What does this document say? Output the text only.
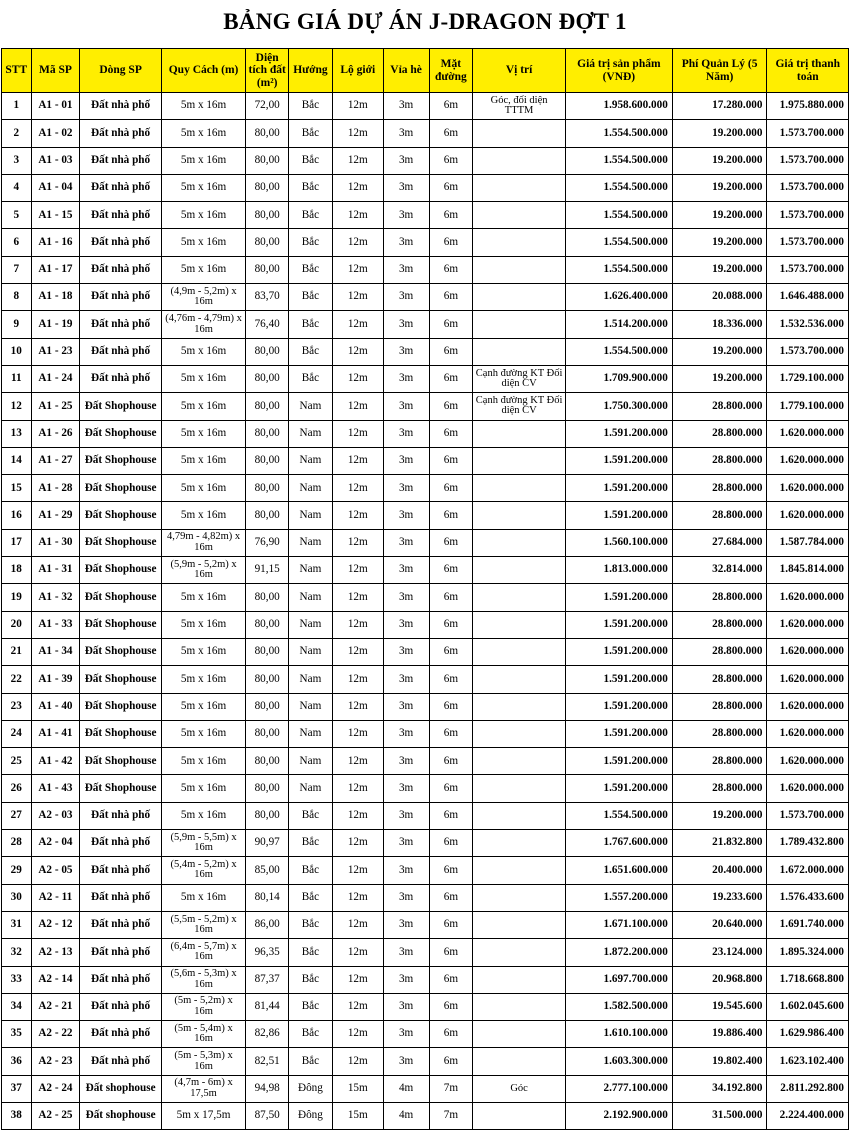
BẢNG GIÁ DỰ ÁN J-DRAGON ĐỢT 1
STT	Mã SP	Dòng SP	Quy Cách (m)	Diện tích đất (m²)	Hướng	Lộ giới	Vỉa hè	Mặt đường	Vị trí	Giá trị sản phẩm (VNĐ)	Phí Quản Lý (5 Năm)	Giá trị thanh toán
1	A1 - 01	Đất nhà phố	5m x 16m	72,00	Bắc	12m	3m	6m	Góc, đối diện TTTM	1.958.600.000	17.280.000	1.975.880.000
2	A1 - 02	Đất nhà phố	5m x 16m	80,00	Bắc	12m	3m	6m		1.554.500.000	19.200.000	1.573.700.000
3	A1 - 03	Đất nhà phố	5m x 16m	80,00	Bắc	12m	3m	6m		1.554.500.000	19.200.000	1.573.700.000
4	A1 - 04	Đất nhà phố	5m x 16m	80,00	Bắc	12m	3m	6m		1.554.500.000	19.200.000	1.573.700.000
5	A1 - 15	Đất nhà phố	5m x 16m	80,00	Bắc	12m	3m	6m		1.554.500.000	19.200.000	1.573.700.000
6	A1 - 16	Đất nhà phố	5m x 16m	80,00	Bắc	12m	3m	6m		1.554.500.000	19.200.000	1.573.700.000
7	A1 - 17	Đất nhà phố	5m x 16m	80,00	Bắc	12m	3m	6m		1.554.500.000	19.200.000	1.573.700.000
8	A1 - 18	Đất nhà phố	(4,9m - 5,2m) x 16m	83,70	Bắc	12m	3m	6m		1.626.400.000	20.088.000	1.646.488.000
9	A1 - 19	Đất nhà phố	(4,76m - 4,79m) x 16m	76,40	Bắc	12m	3m	6m		1.514.200.000	18.336.000	1.532.536.000
10	A1 - 23	Đất nhà phố	5m x 16m	80,00	Bắc	12m	3m	6m		1.554.500.000	19.200.000	1.573.700.000
11	A1 - 24	Đất nhà phố	5m x 16m	80,00	Bắc	12m	3m	6m	Cạnh đường KT Đối diện CV	1.709.900.000	19.200.000	1.729.100.000
12	A1 - 25	Đất Shophouse	5m x 16m	80,00	Nam	12m	3m	6m	Cạnh đường KT Đối diện CV	1.750.300.000	28.800.000	1.779.100.000
13	A1 - 26	Đất Shophouse	5m x 16m	80,00	Nam	12m	3m	6m		1.591.200.000	28.800.000	1.620.000.000
14	A1 - 27	Đất Shophouse	5m x 16m	80,00	Nam	12m	3m	6m		1.591.200.000	28.800.000	1.620.000.000
15	A1 - 28	Đất Shophouse	5m x 16m	80,00	Nam	12m	3m	6m		1.591.200.000	28.800.000	1.620.000.000
16	A1 - 29	Đất Shophouse	5m x 16m	80,00	Nam	12m	3m	6m		1.591.200.000	28.800.000	1.620.000.000
17	A1 - 30	Đất Shophouse	4,79m - 4,82m) x 16m	76,90	Nam	12m	3m	6m		1.560.100.000	27.684.000	1.587.784.000
18	A1 - 31	Đất Shophouse	(5,9m - 5,2m) x 16m	91,15	Nam	12m	3m	6m		1.813.000.000	32.814.000	1.845.814.000
19	A1 - 32	Đất Shophouse	5m x 16m	80,00	Nam	12m	3m	6m		1.591.200.000	28.800.000	1.620.000.000
20	A1 - 33	Đất Shophouse	5m x 16m	80,00	Nam	12m	3m	6m		1.591.200.000	28.800.000	1.620.000.000
21	A1 - 34	Đất Shophouse	5m x 16m	80,00	Nam	12m	3m	6m		1.591.200.000	28.800.000	1.620.000.000
22	A1 - 39	Đất Shophouse	5m x 16m	80,00	Nam	12m	3m	6m		1.591.200.000	28.800.000	1.620.000.000
23	A1 - 40	Đất Shophouse	5m x 16m	80,00	Nam	12m	3m	6m		1.591.200.000	28.800.000	1.620.000.000
24	A1 - 41	Đất Shophouse	5m x 16m	80,00	Nam	12m	3m	6m		1.591.200.000	28.800.000	1.620.000.000
25	A1 - 42	Đất Shophouse	5m x 16m	80,00	Nam	12m	3m	6m		1.591.200.000	28.800.000	1.620.000.000
26	A1 - 43	Đất Shophouse	5m x 16m	80,00	Nam	12m	3m	6m		1.591.200.000	28.800.000	1.620.000.000
27	A2 - 03	Đất nhà phố	5m x 16m	80,00	Bắc	12m	3m	6m		1.554.500.000	19.200.000	1.573.700.000
28	A2 - 04	Đất nhà phố	(5,9m - 5,5m) x 16m	90,97	Bắc	12m	3m	6m		1.767.600.000	21.832.800	1.789.432.800
29	A2 - 05	Đất nhà phố	(5,4m - 5,2m) x 16m	85,00	Bắc	12m	3m	6m		1.651.600.000	20.400.000	1.672.000.000
30	A2 - 11	Đất nhà phố	5m x 16m	80,14	Bắc	12m	3m	6m		1.557.200.000	19.233.600	1.576.433.600
31	A2 - 12	Đất nhà phố	(5,5m - 5,2m) x 16m	86,00	Bắc	12m	3m	6m		1.671.100.000	20.640.000	1.691.740.000
32	A2 - 13	Đất nhà phố	(6,4m - 5,7m) x 16m	96,35	Bắc	12m	3m	6m		1.872.200.000	23.124.000	1.895.324.000
33	A2 - 14	Đất nhà phố	(5,6m - 5,3m) x 16m	87,37	Bắc	12m	3m	6m		1.697.700.000	20.968.800	1.718.668.800
34	A2 - 21	Đất nhà phố	(5m - 5,2m) x 16m	81,44	Bắc	12m	3m	6m		1.582.500.000	19.545.600	1.602.045.600
35	A2 - 22	Đất nhà phố	(5m - 5,4m) x 16m	82,86	Bắc	12m	3m	6m		1.610.100.000	19.886.400	1.629.986.400
36	A2 - 23	Đất nhà phố	(5m - 5,3m) x 16m	82,51	Bắc	12m	3m	6m		1.603.300.000	19.802.400	1.623.102.400
37	A2 - 24	Đất shophouse	(4,7m - 6m) x 17,5m	94,98	Đông	15m	4m	7m	Góc	2.777.100.000	34.192.800	2.811.292.800
38	A2 - 25	Đất shophouse	5m x 17,5m	87,50	Đông	15m	4m	7m		2.192.900.000	31.500.000	2.224.400.000
